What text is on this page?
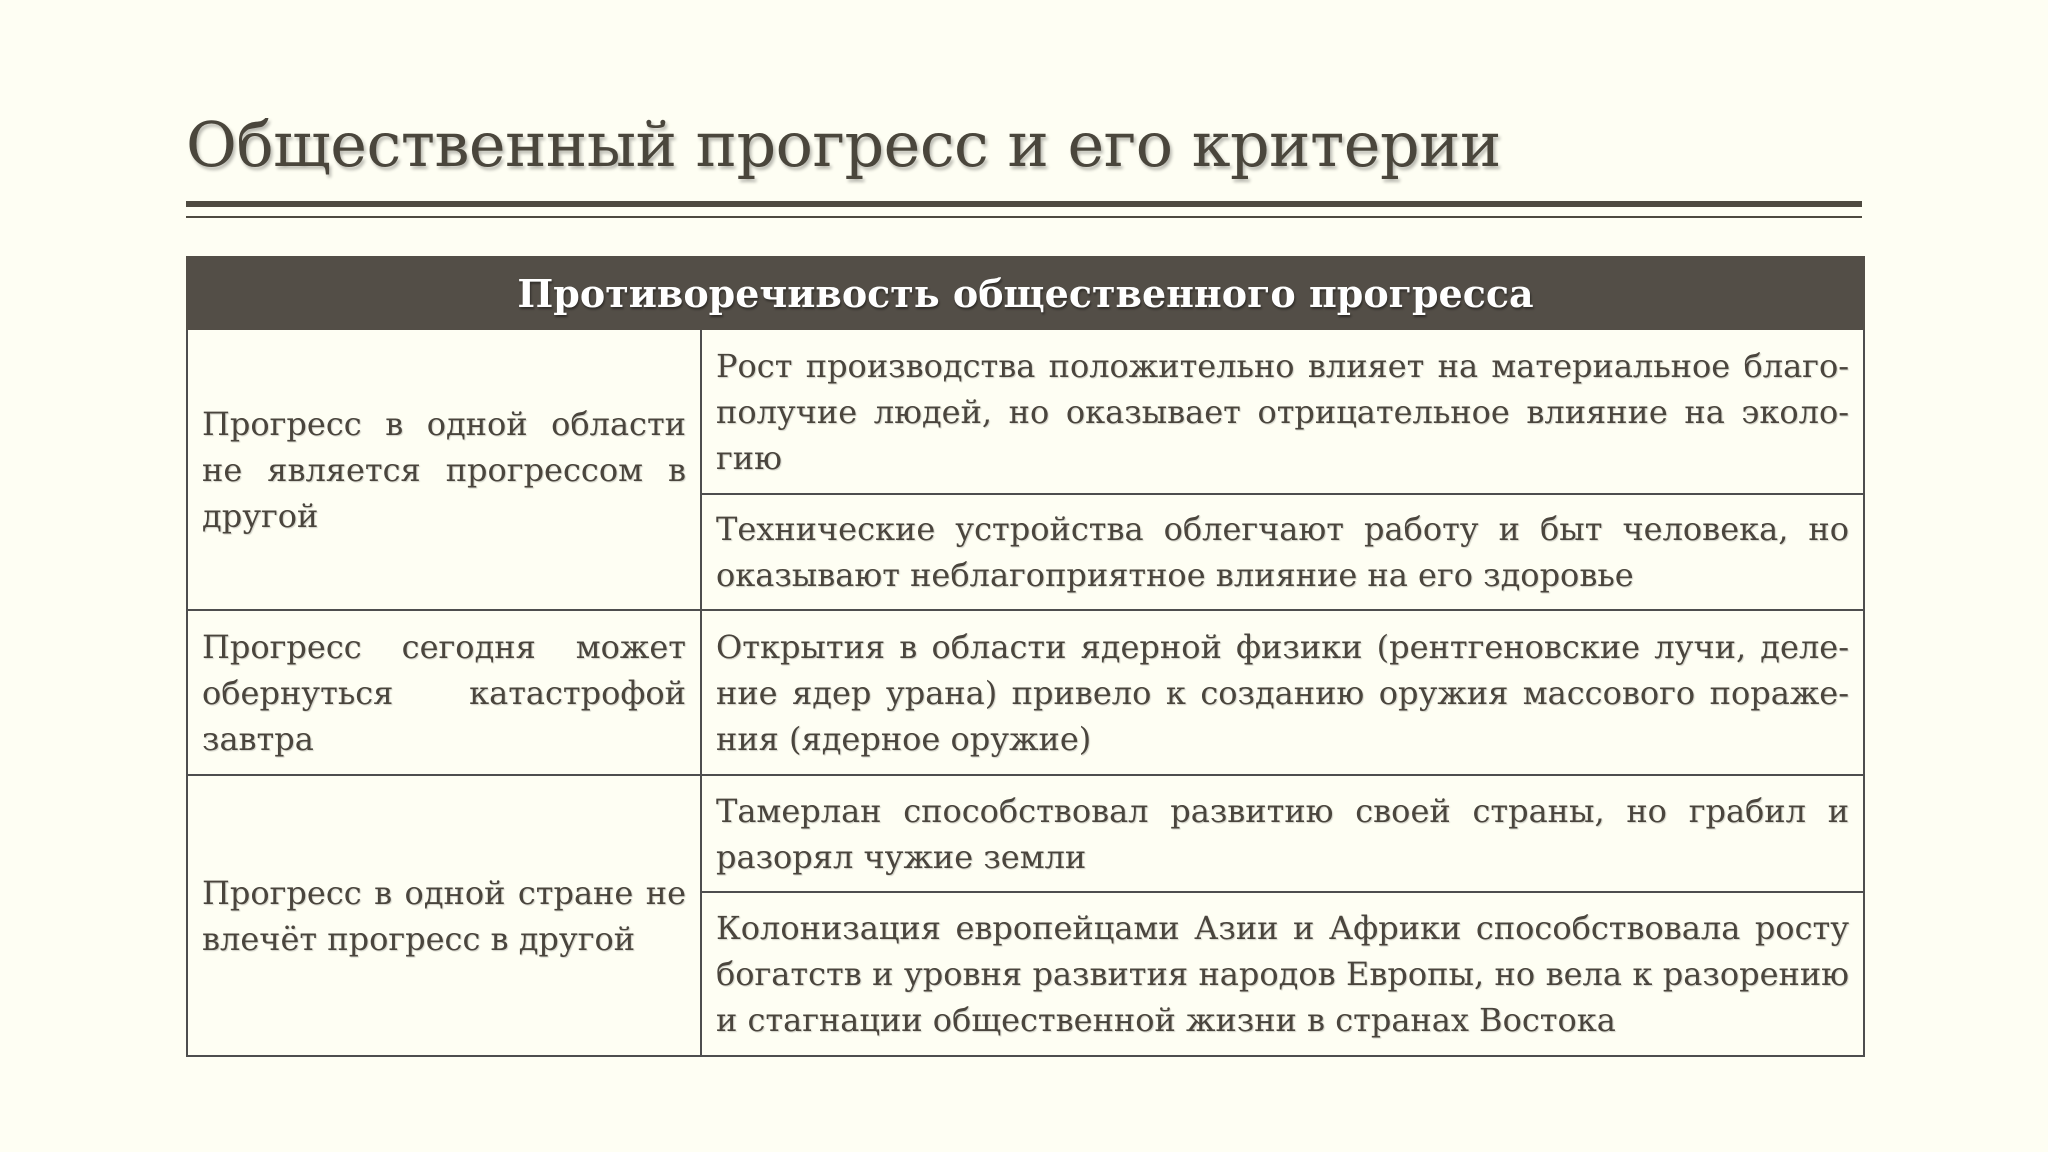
Общественный прогресс и его критерии
Противоречивость общественного прогресса	
Прогресс в одной области не является прогрессом в другой	Рост производства положительно влияет на материальное благополучие людей, но оказывает отрицательное влияние на экологию
	Технические устройства облегчают работу и быт человека, но оказывают неблагоприятное влияние на его здоровье
Прогресс сегодня может обернуться катастрофой завтра	Открытия в области ядерной физики (рентгеновские лучи, деление ядер урана) привело к созданию оружия массового поражения (ядерное оружие)
Прогресс в одной стране не влечёт прогресс в другой	Тамерлан способствовал развитию своей страны, но грабил и разорял чужие земли
	Колонизация европейцами Азии и Африки способствовала росту богатств и уровня развития народов Европы, но вела к разорению и стагнации общественной жизни в странах Востока
